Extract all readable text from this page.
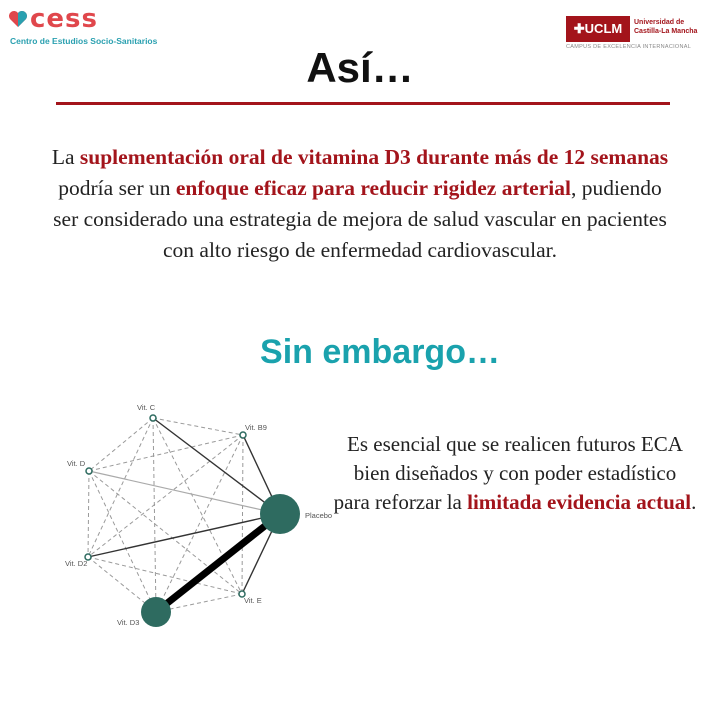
cess
Centro de Estudios Socio-Sanitarios
✚UCLM	Universidad de
Castilla-La Mancha
CAMPUS DE EXCELENCIA INTERNACIONAL
Así…
La suplementación oral de vitamina D3 durante más de 12 semanas podría ser un enfoque eficaz para reducir rigidez arterial, pudiendo ser considerado una estrategia de mejora de salud vascular en pacientes con alto riesgo de enfermedad cardiovascular.
Sin embargo…
Vit. C
Vit. B9
Vit. D
Placebo
Vit. D2
Vit. E
Vit. D3
Es esencial que se realicen futuros ECA bien diseñados y con poder estadístico
para reforzar la limitada evidencia actual.
